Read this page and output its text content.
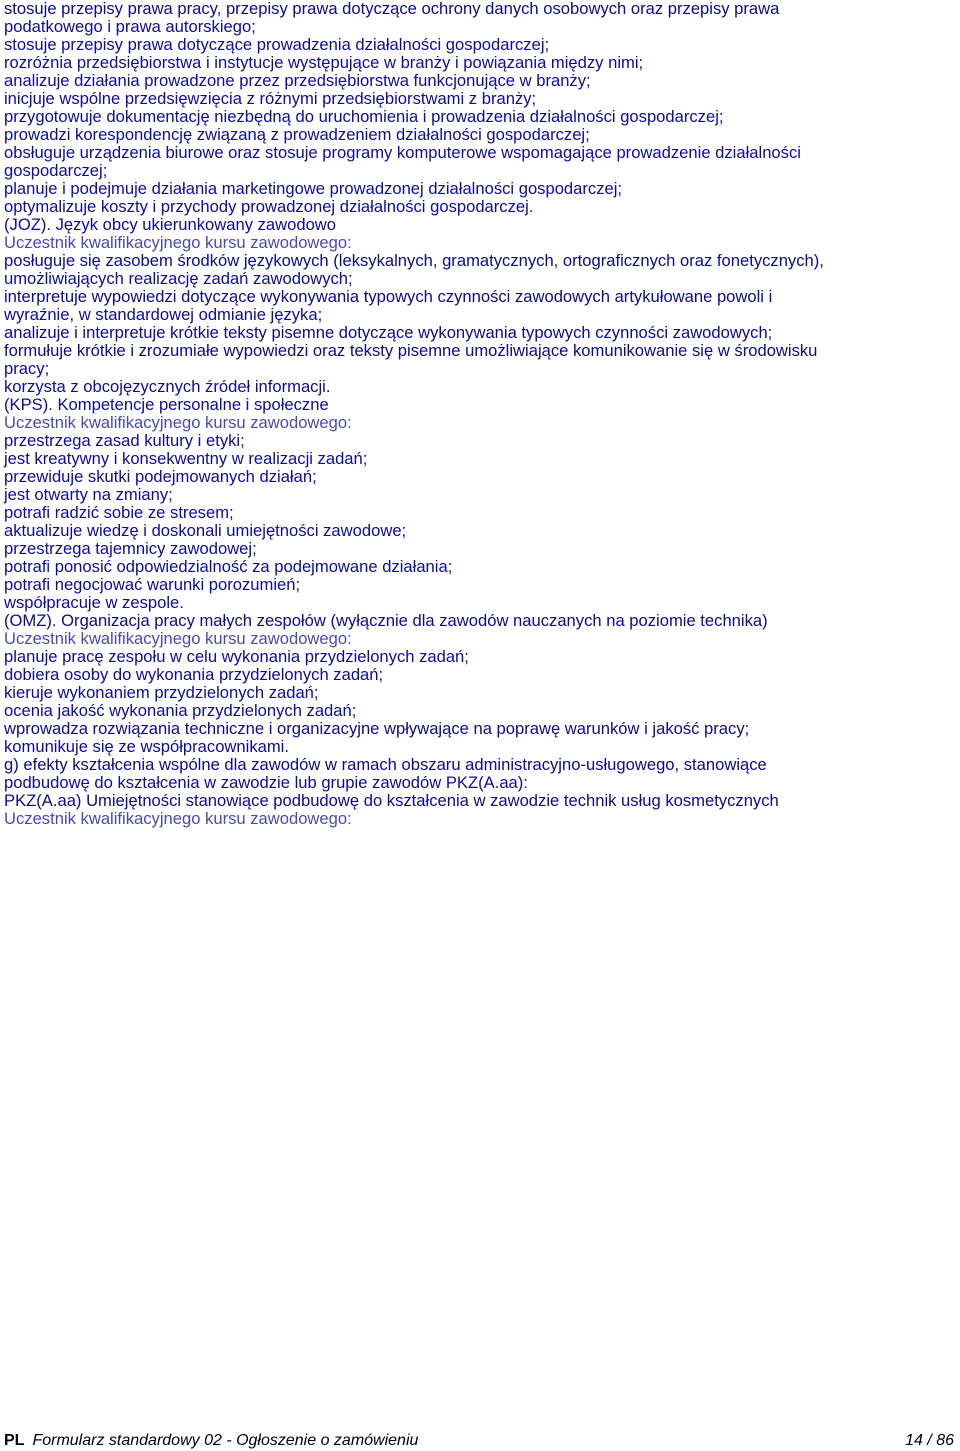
stosuje przepisy prawa pracy, przepisy prawa dotyczące ochrony danych osobowych oraz przepisy prawa

podatkowego i prawa autorskiego;

stosuje przepisy prawa dotyczące prowadzenia działalności gospodarczej;

rozróżnia przedsiębiorstwa i instytucje występujące w branży i powiązania między nimi;

analizuje działania prowadzone przez przedsiębiorstwa funkcjonujące w branży;

inicjuje wspólne przedsięwzięcia z różnymi przedsiębiorstwami z branży;

przygotowuje dokumentację niezbędną do uruchomienia i prowadzenia działalności gospodarczej;

prowadzi korespondencję związaną z prowadzeniem działalności gospodarczej;

obsługuje urządzenia biurowe oraz stosuje programy komputerowe wspomagające prowadzenie działalności

gospodarczej;

planuje i podejmuje działania marketingowe prowadzonej działalności gospodarczej;

optymalizuje koszty i przychody prowadzonej działalności gospodarczej.

(JOZ). Język obcy ukierunkowany zawodowo

Uczestnik kwalifikacyjnego kursu zawodowego:

posługuje się zasobem środków językowych (leksykalnych, gramatycznych, ortograficznych oraz fonetycznych),

umożliwiających realizację zadań zawodowych;

interpretuje wypowiedzi dotyczące wykonywania typowych czynności zawodowych artykułowane powoli i

wyraźnie, w standardowej odmianie języka;

analizuje i interpretuje krótkie teksty pisemne dotyczące wykonywania typowych czynności zawodowych;

formułuje krótkie i zrozumiałe wypowiedzi oraz teksty pisemne umożliwiające komunikowanie się w środowisku

pracy;

korzysta z obcojęzycznych źródeł informacji.

(KPS). Kompetencje personalne i społeczne

Uczestnik kwalifikacyjnego kursu zawodowego:

przestrzega zasad kultury i etyki;

jest kreatywny i konsekwentny w realizacji zadań;

przewiduje skutki podejmowanych działań;

jest otwarty na zmiany;

potrafi radzić sobie ze stresem;

aktualizuje wiedzę i doskonali umiejętności zawodowe;

przestrzega tajemnicy zawodowej;

potrafi ponosić odpowiedzialność za podejmowane działania;

potrafi negocjować warunki porozumień;

współpracuje w zespole.

(OMZ). Organizacja pracy małych zespołów (wyłącznie dla zawodów nauczanych na poziomie technika)

Uczestnik kwalifikacyjnego kursu zawodowego:

planuje pracę zespołu w celu wykonania przydzielonych zadań;

dobiera osoby do wykonania przydzielonych zadań;

kieruje wykonaniem przydzielonych zadań;

ocenia jakość wykonania przydzielonych zadań;

wprowadza rozwiązania techniczne i organizacyjne wpływające na poprawę warunków i jakość pracy;

komunikuje się ze współpracownikami.

g) efekty kształcenia wspólne dla zawodów w ramach obszaru administracyjno-usługowego, stanowiące

podbudowę do kształcenia w zawodzie lub grupie zawodów PKZ(A.aa):

PKZ(A.aa) Umiejętności stanowiące podbudowę do kształcenia w zawodzie technik usług kosmetycznych

Uczestnik kwalifikacyjnego kursu zawodowego:

PL Formularz standardowy 02 - Ogłoszenie o zamówieniu	14 / 86
